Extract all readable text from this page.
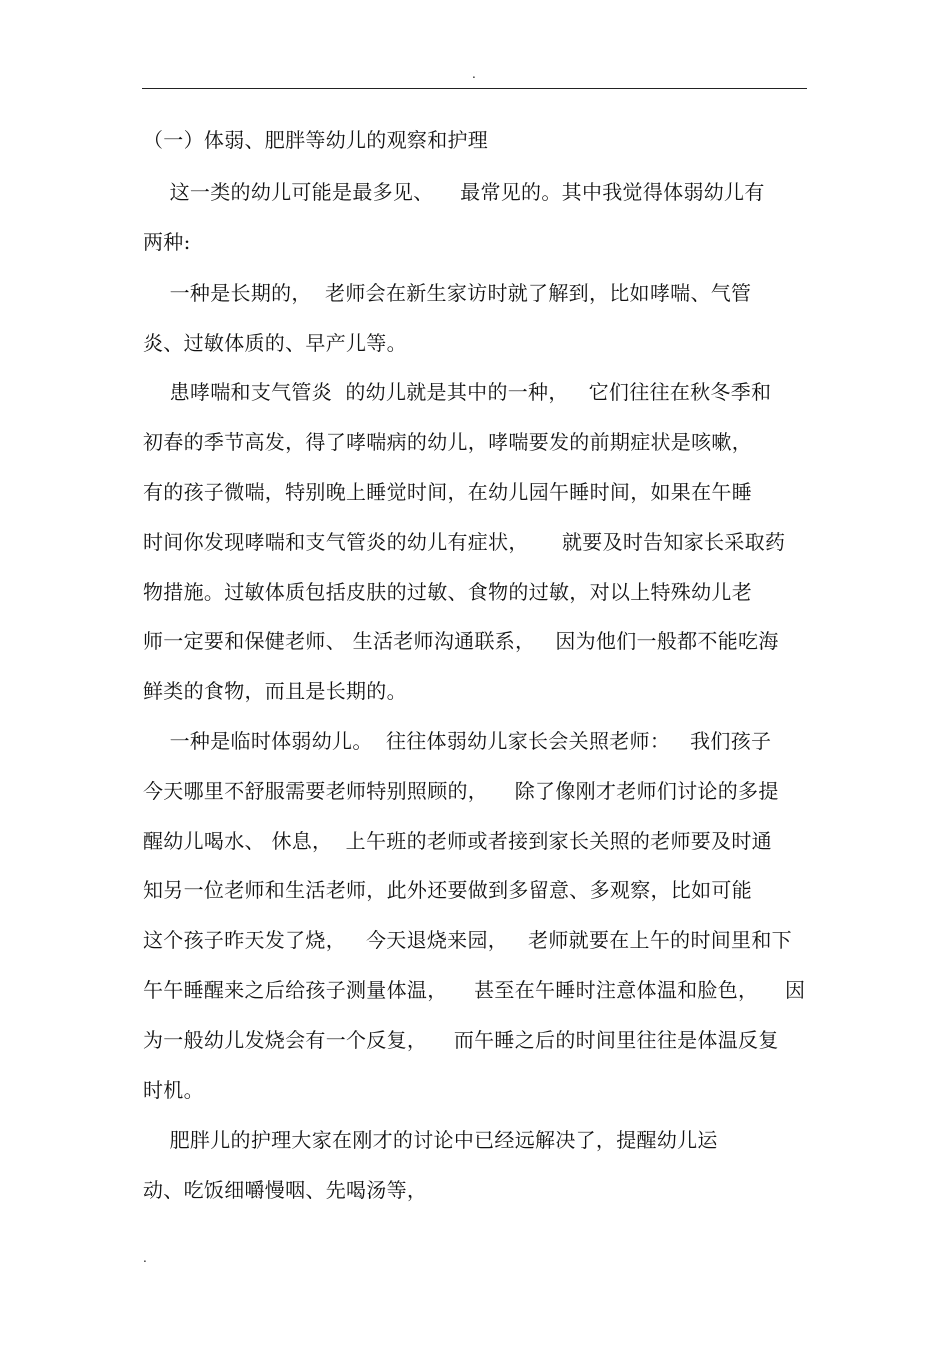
.
（一）体弱、肥胖等幼儿的观察和护理
这一类的幼儿可能是最多见、    最常见的。其中我觉得体弱幼儿有
两种:
一种是长期的，  老师会在新生家访时就了解到，比如哮喘、气管
炎、过敏体质的、早产儿等。
患哮喘和支气管炎  的幼儿就是其中的一种，   它们往往在秋冬季和
初春的季节高发，得了哮喘病的幼儿，哮喘要发的前期症状是咳嗽，
有的孩子微喘，特别晚上睡觉时间，在幼儿园午睡时间，如果在午睡
时间你发现哮喘和支气管炎的幼儿有症状，     就要及时告知家长采取药
物措施。过敏体质包括皮肤的过敏、食物的过敏，对以上特殊幼儿老
师一定要和保健老师、 生活老师沟通联系，   因为他们一般都不能吃海
鲜类的食物，而且是长期的。
一种是临时体弱幼儿。  往往体弱幼儿家长会关照老师：   我们孩子
今天哪里不舒服需要老师特别照顾的，    除了像刚才老师们讨论的多提
醒幼儿喝水、 休息，  上午班的老师或者接到家长关照的老师要及时通
知另一位老师和生活老师，此外还要做到多留意、多观察，比如可能
这个孩子昨天发了烧，   今天退烧来园，   老师就要在上午的时间里和下
午午睡醒来之后给孩子测量体温，    甚至在午睡时注意体温和脸色，    因
为一般幼儿发烧会有一个反复，    而午睡之后的时间里往往是体温反复
时机。
肥胖儿的护理大家在刚才的讨论中已经远解决了，提醒幼儿运
动、吃饭细嚼慢咽、先喝汤等，
.
